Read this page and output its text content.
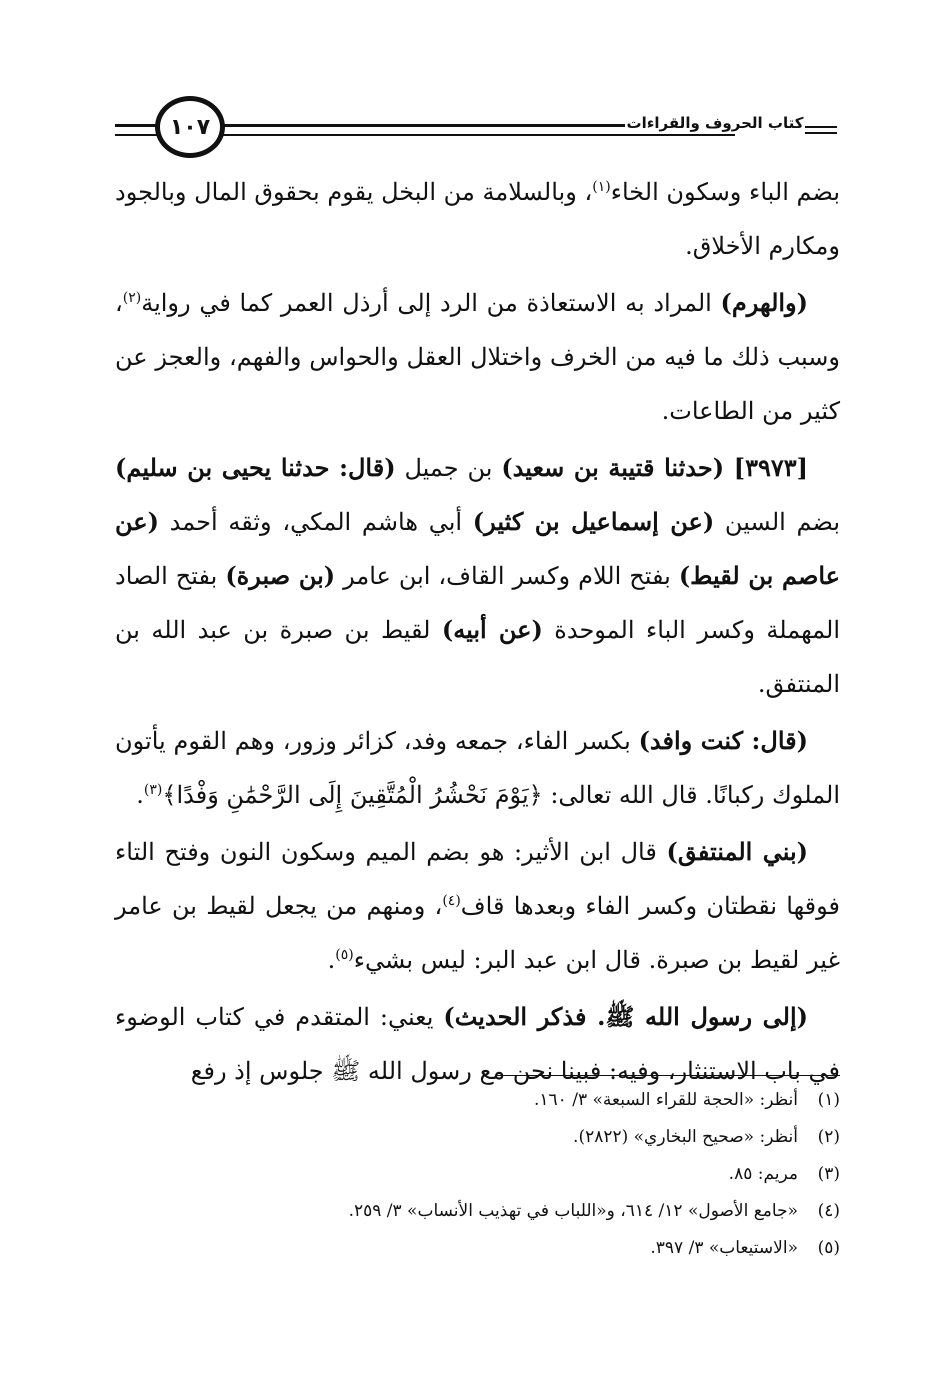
١٠٧	كتاب الحروف والقراءات

بضم الباء وسكون الخاء$^{(١)}$، وبالسلامة من البخل يقوم بحقوق المال وبالجود ومكارم الأخلاق.

(والهرم) المراد به الاستعاذة من الرد إلى أرذل العمر كما في رواية$^{(٢)}$، وسبب ذلك ما فيه من الخرف واختلال العقل والحواس والفهم، والعجز عن كثير من الطاعات.

[٣٩٧٣] (حدثنا قتيبة بن سعيد) بن جميل (قال: حدثنا يحيى بن سليم) بضم السين (عن إسماعيل بن كثير) أبي هاشم المكي، وثقه أحمد (عن عاصم بن لقيط) بفتح اللام وكسر القاف، ابن عامر (بن صبرة) بفتح الصاد المهملة وكسر الباء الموحدة (عن أبيه) لقيط بن صبرة بن عبد الله بن المنتفق.

(قال: كنت وافد) بكسر الفاء، جمعه وفد، كزائر وزور، وهم القوم يأتون الملوك ركبانًا. قال الله تعالى: ﴿يَوْمَ نَحْشُرُ الْمُتَّقِينَ إِلَى الرَّحْمَٰنِ وَفْدًا﴾$^{(٣)}$.

(بني المنتفق) قال ابن الأثير: هو بضم الميم وسكون النون وفتح التاء فوقها نقطتان وكسر الفاء وبعدها قاف$^{(٤)}$، ومنهم من يجعل لقيط بن عامر غير لقيط بن صبرة. قال ابن عبد البر: ليس بشيء$^{(٥)}$.

(إلى رسول الله ﷺ. فذكر الحديث) يعني: المتقدم في كتاب الوضوء في باب الاستنثار، وفيه: فبينا نحن مع رسول الله ﷺ جلوس إذ رفع

(١)
أنظر: «الحجة للقراء السبعة» ٣/ ١٦٠.

(٢)
أنظر: «صحيح البخاري» (٢٨٢٢).

(٣)
مريم: ٨٥.

(٤)
«جامع الأصول» ١٢/ ٦١٤، و«اللباب في تهذيب الأنساب» ٣/ ٢٥٩.

(٥)
«الاستيعاب» ٣/ ٣٩٧.
